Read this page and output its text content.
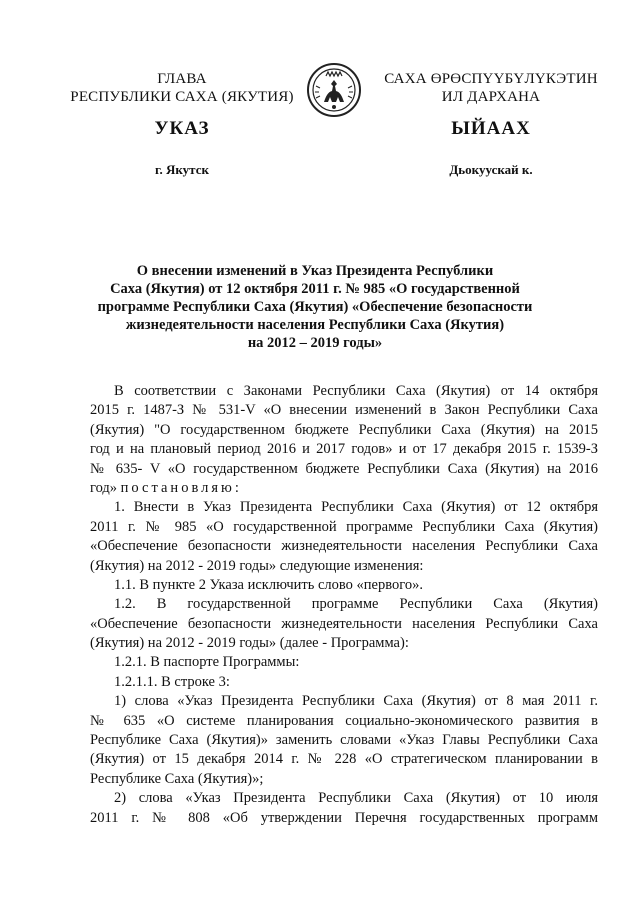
ГЛАВА
РЕСПУБЛИКИ САХА (ЯКУТИЯ)
САХА ӨРӨСПҮҮБҮЛҮКЭТИН
ИЛ ДАРХАНА
УКАЗ	ЫЙААХ
г. Якутск	Дьокуускай к.
О внесении изменений в Указ Президента Республики
Саха (Якутия) от 12 октября 2011 г. № 985 «О государственной
программе Республики Саха (Якутия) «Обеспечение безопасности
жизнедеятельности населения Республики Саха (Якутия)
на 2012 – 2019 годы»
В соответствии с Законами Республики Саха (Якутия) от 14 октября
2015 г. 1487-З № 531-V «О внесении изменений в Закон Республики Саха
(Якутия) "О государственном бюджете Республики Саха (Якутия) на 2015
год и на плановый период 2016 и 2017 годов» и от 17 декабря 2015 г. 1539-З
№ 635- V «О государственном бюджете Республики Саха (Якутия) на 2016
год» постановляю:
1. Внести в Указ Президента Республики Саха (Якутия) от 12 октября
2011 г. № 985 «О государственной программе Республики Саха (Якутия)
«Обеспечение безопасности жизнедеятельности населения Республики Саха
(Якутия) на 2012 - 2019 годы» следующие изменения:
1.1. В пункте 2 Указа исключить слово «первого».
1.2. В государственной программе Республики Саха (Якутия)
«Обеспечение безопасности жизнедеятельности населения Республики Саха
(Якутия) на 2012 - 2019 годы» (далее - Программа):
1.2.1. В паспорте Программы:
1.2.1.1. В строке 3:
1) слова «Указ Президента Республики Саха (Якутия) от 8 мая 2011 г.
№ 635 «О системе планирования социально-экономического развития в
Республике Саха (Якутия)» заменить словами «Указ Главы Республики Саха
(Якутия) от 15 декабря 2014 г. № 228 «О стратегическом планировании в
Республике Саха (Якутия)»;
2) слова «Указ Президента Республики Саха (Якутия) от 10 июля
2011 г. № 808 «Об утверждении Перечня государственных программ
